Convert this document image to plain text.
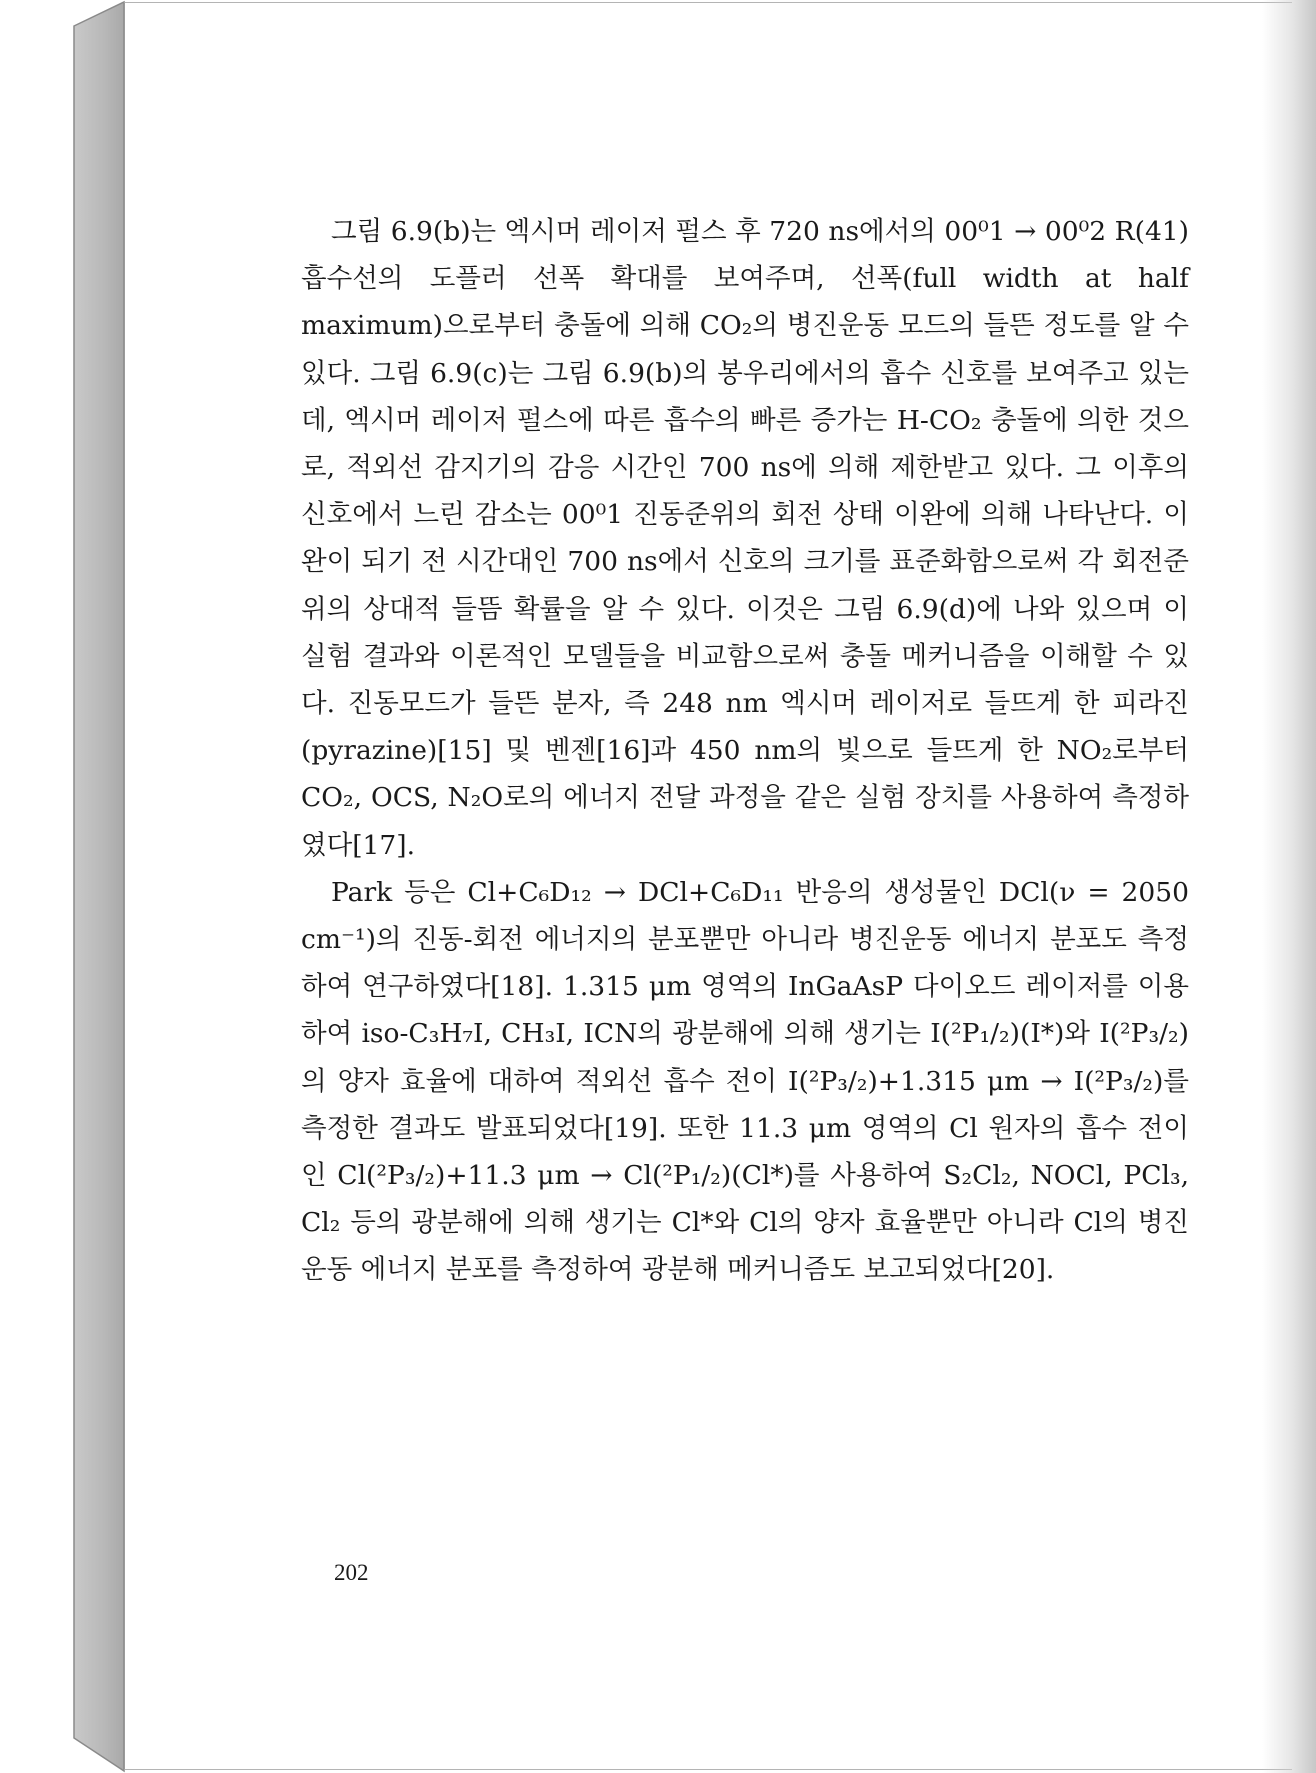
그림 6.9(b)는 엑시머 레이저 펄스 후 720 ns에서의 00⁰1 → 00⁰2 R(41) 흡수선의 도플러 선폭 확대를 보여주며, 선폭(full width at half maximum)으로부터 충돌에 의해 CO₂의 병진운동 모드의 들뜬 정도를 알 수 있다. 그림 6.9(c)는 그림 6.9(b)의 봉우리에서의 흡수 신호를 보여주고 있는데, 엑시머 레이저 펄스에 따른 흡수의 빠른 증가는 H-CO₂ 충돌에 의한 것으로, 적외선 감지기의 감응 시간인 700 ns에 의해 제한받고 있다. 그 이후의 신호에서 느린 감소는 00⁰1 진동준위의 회전 상태 이완에 의해 나타난다. 이완이 되기 전 시간대인 700 ns에서 신호의 크기를 표준화함으로써 각 회전준위의 상대적 들뜸 확률을 알 수 있다. 이것은 그림 6.9(d)에 나와 있으며 이 실험 결과와 이론적인 모델들을 비교함으로써 충돌 메커니즘을 이해할 수 있다. 진동모드가 들뜬 분자, 즉 248 nm 엑시머 레이저로 들뜨게 한 피라진(pyrazine)[15] 및 벤젠[16]과 450 nm의 빛으로 들뜨게 한 NO₂로부터 CO₂, OCS, N₂O로의 에너지 전달 과정을 같은 실험 장치를 사용하여 측정하였다[17].

Park 등은 Cl+C₆D₁₂ → DCl+C₆D₁₁ 반응의 생성물인 DCl(ν = 2050 cm⁻¹)의 진동-회전 에너지의 분포뿐만 아니라 병진운동 에너지 분포도 측정하여 연구하였다[18]. 1.315 μm 영역의 InGaAsP 다이오드 레이저를 이용하여 iso-C₃H₇I, CH₃I, ICN의 광분해에 의해 생기는 I(²P₁/₂)(I*)와 I(²P₃/₂)의 양자 효율에 대하여 적외선 흡수 전이 I(²P₃/₂)+1.315 μm → I(²P₃/₂)를 측정한 결과도 발표되었다[19]. 또한 11.3 μm 영역의 Cl 원자의 흡수 전이인 Cl(²P₃/₂)+11.3 μm → Cl(²P₁/₂)(Cl*)를 사용하여 S₂Cl₂, NOCl, PCl₃, Cl₂ 등의 광분해에 의해 생기는 Cl*와 Cl의 양자 효율뿐만 아니라 Cl의 병진운동 에너지 분포를 측정하여 광분해 메커니즘도 보고되었다[20].

202
